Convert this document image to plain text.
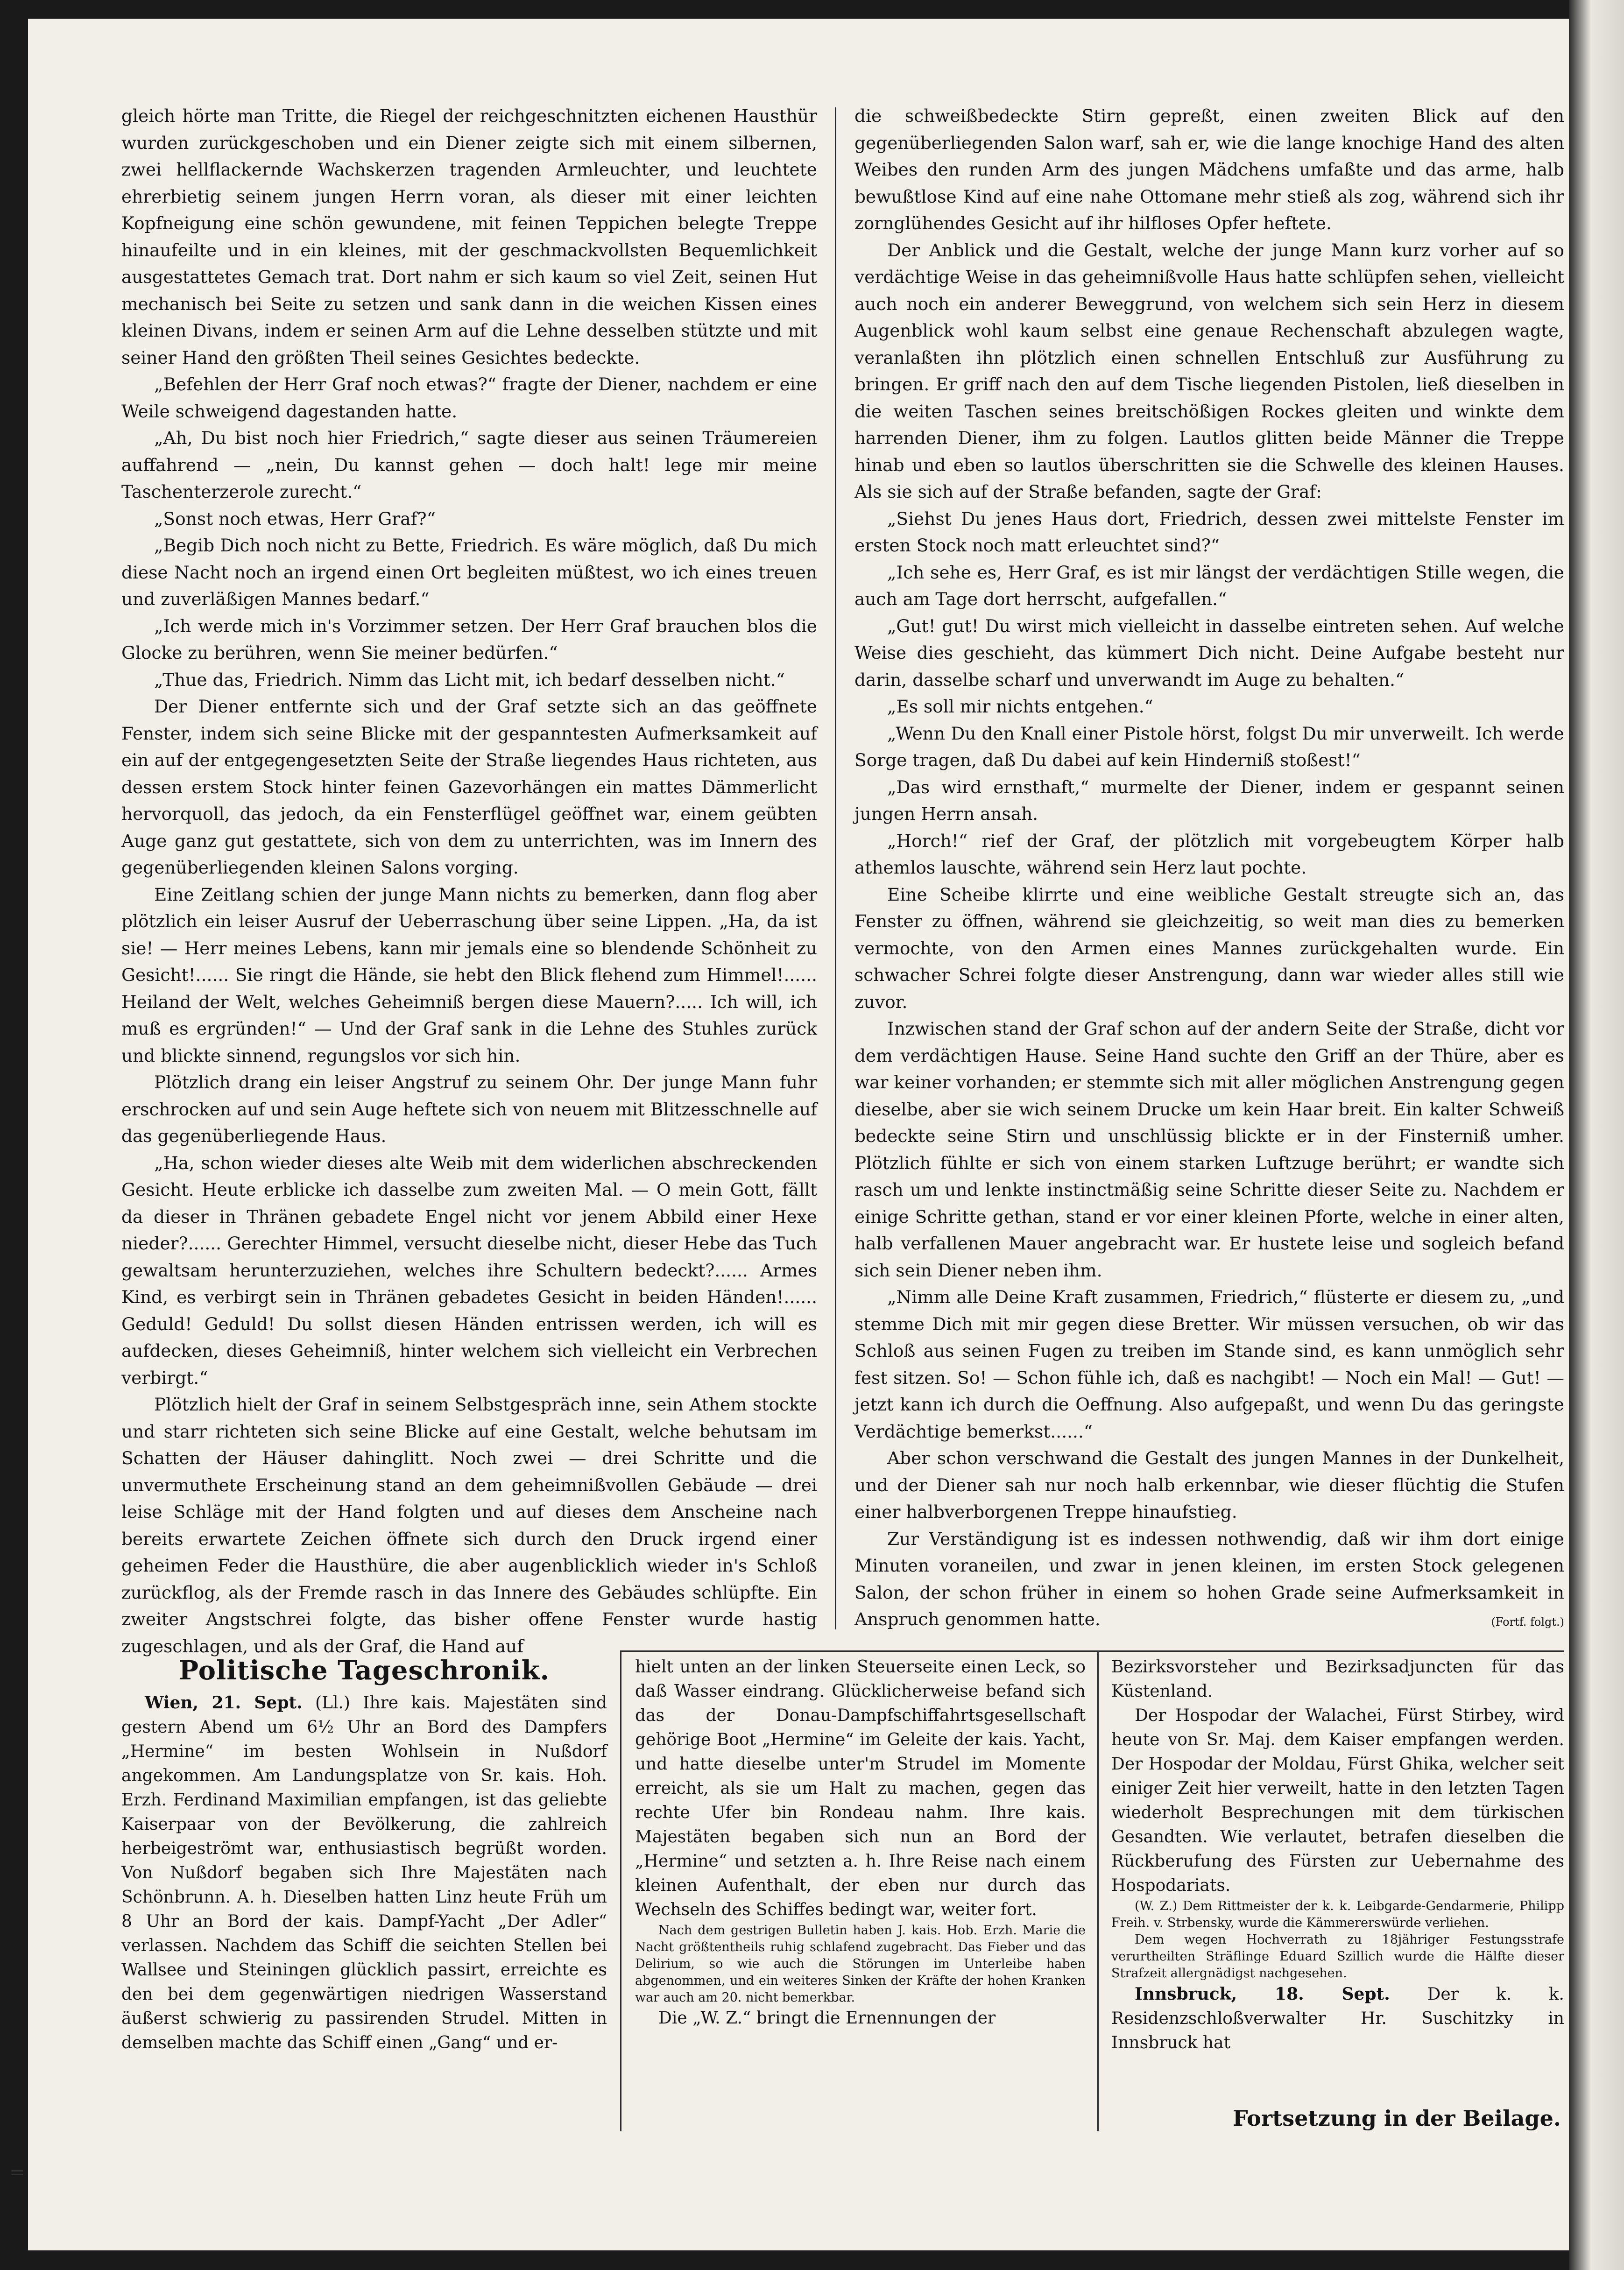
gleich hörte man Tritte, die Riegel der reichgeschnitzten eichenen Hausthür wurden zurückgeschoben und ein Diener zeigte sich mit einem silbernen, zwei hellflackernde Wachskerzen tragenden Armleuchter, und leuchtete ehrerbietig seinem jungen Herrn voran, als dieser mit einer leichten Kopfneigung eine schön gewundene, mit feinen Teppichen belegte Treppe hinaufeilte und in ein kleines, mit der geschmackvollsten Bequemlichkeit ausgestattetes Gemach trat. Dort nahm er sich kaum so viel Zeit, seinen Hut mechanisch bei Seite zu setzen und sank dann in die weichen Kissen eines kleinen Divans, indem er seinen Arm auf die Lehne desselben stützte und mit seiner Hand den größten Theil seines Gesichtes bedeckte.

„Befehlen der Herr Graf noch etwas?“ fragte der Diener, nachdem er eine Weile schweigend dagestanden hatte.

„Ah, Du bist noch hier Friedrich,“ sagte dieser aus seinen Träumereien auffahrend — „nein, Du kannst gehen — doch halt! lege mir meine Taschenterzerole zurecht.“

„Sonst noch etwas, Herr Graf?“

„Begib Dich noch nicht zu Bette, Friedrich. Es wäre möglich, daß Du mich diese Nacht noch an irgend einen Ort begleiten müßtest, wo ich eines treuen und zuverläßigen Mannes bedarf.“

„Ich werde mich in's Vorzimmer setzen. Der Herr Graf brauchen blos die Glocke zu berühren, wenn Sie meiner bedürfen.“

„Thue das, Friedrich. Nimm das Licht mit, ich bedarf desselben nicht.“

Der Diener entfernte sich und der Graf setzte sich an das geöffnete Fenster, indem sich seine Blicke mit der gespanntesten Aufmerksamkeit auf ein auf der entgegengesetzten Seite der Straße liegendes Haus richteten, aus dessen erstem Stock hinter feinen Gazevorhängen ein mattes Dämmerlicht hervorquoll, das jedoch, da ein Fensterflügel geöffnet war, einem geübten Auge ganz gut gestattete, sich von dem zu unterrichten, was im Innern des gegenüberliegenden kleinen Salons vorging.

Eine Zeitlang schien der junge Mann nichts zu bemerken, dann flog aber plötzlich ein leiser Ausruf der Ueberraschung über seine Lippen. „Ha, da ist sie! — Herr meines Lebens, kann mir jemals eine so blendende Schönheit zu Gesicht!...... Sie ringt die Hände, sie hebt den Blick flehend zum Himmel!...... Heiland der Welt, welches Geheimniß bergen diese Mauern?..... Ich will, ich muß es ergründen!“ — Und der Graf sank in die Lehne des Stuhles zurück und blickte sinnend, regungslos vor sich hin.

Plötzlich drang ein leiser Angstruf zu seinem Ohr. Der junge Mann fuhr erschrocken auf und sein Auge heftete sich von neuem mit Blitzesschnelle auf das gegenüberliegende Haus.

„Ha, schon wieder dieses alte Weib mit dem widerlichen abschreckenden Gesicht. Heute erblicke ich dasselbe zum zweiten Mal. — O mein Gott, fällt da dieser in Thränen gebadete Engel nicht vor jenem Abbild einer Hexe nieder?...... Gerechter Himmel, versucht dieselbe nicht, dieser Hebe das Tuch gewaltsam herunterzuziehen, welches ihre Schultern bedeckt?...... Armes Kind, es verbirgt sein in Thränen gebadetes Gesicht in beiden Händen!...... Geduld! Geduld! Du sollst diesen Händen entrissen werden, ich will es aufdecken, dieses Geheimniß, hinter welchem sich vielleicht ein Verbrechen verbirgt.“

Plötzlich hielt der Graf in seinem Selbstgespräch inne, sein Athem stockte und starr richteten sich seine Blicke auf eine Gestalt, welche behutsam im Schatten der Häuser dahinglitt. Noch zwei — drei Schritte und die unvermuthete Erscheinung stand an dem geheimnißvollen Gebäude — drei leise Schläge mit der Hand folgten und auf dieses dem Anscheine nach bereits erwartete Zeichen öffnete sich durch den Druck irgend einer geheimen Feder die Hausthüre, die aber augenblicklich wieder in's Schloß zurückflog, als der Fremde rasch in das Innere des Gebäudes schlüpfte. Ein zweiter Angstschrei folgte, das bisher offene Fenster wurde hastig zugeschlagen, und als der Graf, die Hand auf

die schweißbedeckte Stirn gepreßt, einen zweiten Blick auf den gegenüberliegenden Salon warf, sah er, wie die lange knochige Hand des alten Weibes den runden Arm des jungen Mädchens umfaßte und das arme, halb bewußtlose Kind auf eine nahe Ottomane mehr stieß als zog, während sich ihr zornglühendes Gesicht auf ihr hilfloses Opfer heftete.

Der Anblick und die Gestalt, welche der junge Mann kurz vorher auf so verdächtige Weise in das geheimnißvolle Haus hatte schlüpfen sehen, vielleicht auch noch ein anderer Beweggrund, von welchem sich sein Herz in diesem Augenblick wohl kaum selbst eine genaue Rechenschaft abzulegen wagte, veranlaßten ihn plötzlich einen schnellen Entschluß zur Ausführung zu bringen. Er griff nach den auf dem Tische liegenden Pistolen, ließ dieselben in die weiten Taschen seines breitschößigen Rockes gleiten und winkte dem harrenden Diener, ihm zu folgen. Lautlos glitten beide Männer die Treppe hinab und eben so lautlos überschritten sie die Schwelle des kleinen Hauses. Als sie sich auf der Straße befanden, sagte der Graf:

„Siehst Du jenes Haus dort, Friedrich, dessen zwei mittelste Fenster im ersten Stock noch matt erleuchtet sind?“

„Ich sehe es, Herr Graf, es ist mir längst der verdächtigen Stille wegen, die auch am Tage dort herrscht, aufgefallen.“

„Gut! gut! Du wirst mich vielleicht in dasselbe eintreten sehen. Auf welche Weise dies geschieht, das kümmert Dich nicht. Deine Aufgabe besteht nur darin, dasselbe scharf und unverwandt im Auge zu behalten.“

„Es soll mir nichts entgehen.“

„Wenn Du den Knall einer Pistole hörst, folgst Du mir unverweilt. Ich werde Sorge tragen, daß Du dabei auf kein Hinderniß stoßest!“

„Das wird ernsthaft,“ murmelte der Diener, indem er gespannt seinen jungen Herrn ansah.

„Horch!“ rief der Graf, der plötzlich mit vorgebeugtem Körper halb athemlos lauschte, während sein Herz laut pochte.

Eine Scheibe klirrte und eine weibliche Gestalt streugte sich an, das Fenster zu öffnen, während sie gleichzeitig, so weit man dies zu bemerken vermochte, von den Armen eines Mannes zurückgehalten wurde. Ein schwacher Schrei folgte dieser Anstrengung, dann war wieder alles still wie zuvor.

Inzwischen stand der Graf schon auf der andern Seite der Straße, dicht vor dem verdächtigen Hause. Seine Hand suchte den Griff an der Thüre, aber es war keiner vorhanden; er stemmte sich mit aller möglichen Anstrengung gegen dieselbe, aber sie wich seinem Drucke um kein Haar breit. Ein kalter Schweiß bedeckte seine Stirn und unschlüssig blickte er in der Finsterniß umher. Plötzlich fühlte er sich von einem starken Luftzuge berührt; er wandte sich rasch um und lenkte instinctmäßig seine Schritte dieser Seite zu. Nachdem er einige Schritte gethan, stand er vor einer kleinen Pforte, welche in einer alten, halb verfallenen Mauer angebracht war. Er hustete leise und sogleich befand sich sein Diener neben ihm.

„Nimm alle Deine Kraft zusammen, Friedrich,“ flüsterte er diesem zu, „und stemme Dich mit mir gegen diese Bretter. Wir müssen versuchen, ob wir das Schloß aus seinen Fugen zu treiben im Stande sind, es kann unmöglich sehr fest sitzen. So! — Schon fühle ich, daß es nachgibt! — Noch ein Mal! — Gut! — jetzt kann ich durch die Oeffnung. Also aufgepaßt, und wenn Du das geringste Verdächtige bemerkst......“

Aber schon verschwand die Gestalt des jungen Mannes in der Dunkelheit, und der Diener sah nur noch halb erkennbar, wie dieser flüchtig die Stufen einer halbverborgenen Treppe hinaufstieg.

Zur Verständigung ist es indessen nothwendig, daß wir ihm dort einige Minuten voraneilen, und zwar in jenen kleinen, im ersten Stock gelegenen Salon, der schon früher in einem so hohen Grade seine Aufmerksamkeit in Anspruch genommen hatte.	(Fortf. folgt.)

Politische Tageschronik.

Wien, 21. Sept. (Ll.) Ihre kais. Majestäten sind gestern Abend um 6½ Uhr an Bord des Dampfers „Hermine“ im besten Wohlsein in Nußdorf angekommen. Am Landungsplatze von Sr. kais. Hoh. Erzh. Ferdinand Maximilian empfangen, ist das geliebte Kaiserpaar von der Bevölkerung, die zahlreich herbeigeströmt war, enthusiastisch begrüßt worden. Von Nußdorf begaben sich Ihre Majestäten nach Schönbrunn. A. h. Dieselben hatten Linz heute Früh um 8 Uhr an Bord der kais. Dampf-Yacht „Der Adler“ verlassen. Nachdem das Schiff die seichten Stellen bei Wallsee und Steiningen glücklich passirt, erreichte es den bei dem gegenwärtigen niedrigen Wasserstand äußerst schwierig zu passirenden Strudel. Mitten in demselben machte das Schiff einen „Gang“ und er-

hielt unten an der linken Steuerseite einen Leck, so daß Wasser eindrang. Glücklicherweise befand sich das der Donau-Dampfschiffahrtsgesellschaft gehörige Boot „Hermine“ im Geleite der kais. Yacht, und hatte dieselbe unter'm Strudel im Momente erreicht, als sie um Halt zu machen, gegen das rechte Ufer bin Rondeau nahm. Ihre kais. Majestäten begaben sich nun an Bord der „Hermine“ und setzten a. h. Ihre Reise nach einem kleinen Aufenthalt, der eben nur durch das Wechseln des Schiffes bedingt war, weiter fort.

Nach dem gestrigen Bulletin haben J. kais. Hob. Erzh. Marie die Nacht größtentheils ruhig schlafend zugebracht. Das Fieber und das Delirium, so wie auch die Störungen im Unterleibe haben abgenommen, und ein weiteres Sinken der Kräfte der hohen Kranken war auch am 20. nicht bemerkbar.

Die „W. Z.“ bringt die Ernennungen der

Bezirksvorsteher und Bezirksadjuncten für das Küstenland.

Der Hospodar der Walachei, Fürst Stirbey, wird heute von Sr. Maj. dem Kaiser empfangen werden. Der Hospodar der Moldau, Fürst Ghika, welcher seit einiger Zeit hier verweilt, hatte in den letzten Tagen wiederholt Besprechungen mit dem türkischen Gesandten. Wie verlautet, betrafen dieselben die Rückberufung des Fürsten zur Uebernahme des Hospodariats.

(W. Z.) Dem Rittmeister der k. k. Leibgarde-Gendarmerie, Philipp Freih. v. Strbensky, wurde die Kämmererswürde verliehen.

Dem wegen Hochverrath zu 18jähriger Festungsstrafe verurtheilten Sträflinge Eduard Szillich wurde die Hälfte dieser Strafzeit allergnädigst nachgesehen.

Innsbruck, 18. Sept. Der k. k. Residenzschloßverwalter Hr. Suschitzky in Innsbruck hat

Fortsetzung in der Beilage.
=
